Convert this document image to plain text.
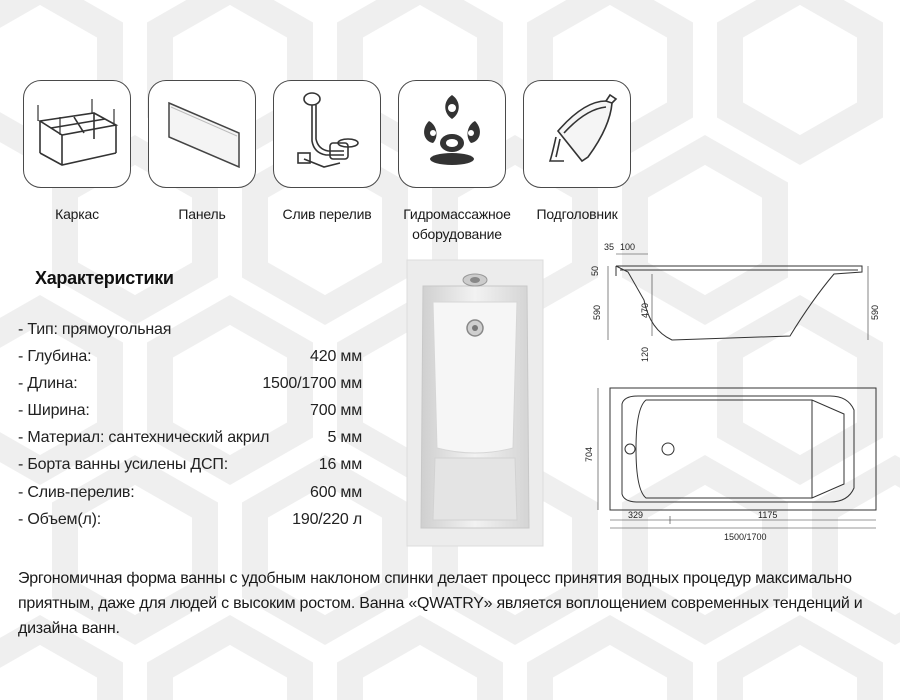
Каркас	Панель	Слив перелив	Гидромассажное оборудование
Подголовник
Характеристики
- Тип: прямоугольная
- Глубина:	420 мм
- Длина:	1500/1700 мм
- Ширина:	700 мм
- Материал: сантехнический акрил	5 мм
- Борта ванны усилены ДСП:	16 мм
- Слив-перелив:	600 мм
- Объем(л):	190/220 л
35 100
50
590	470
120
590
704
329	1175
1500/1700
Эргономичная форма ванны с удобным наклоном спинки делает процесс принятия водных процедур максимально приятным, даже для людей с высоким ростом. Ванна «QWATRY» является воплощением современных тенденций и дизайна ванн.
